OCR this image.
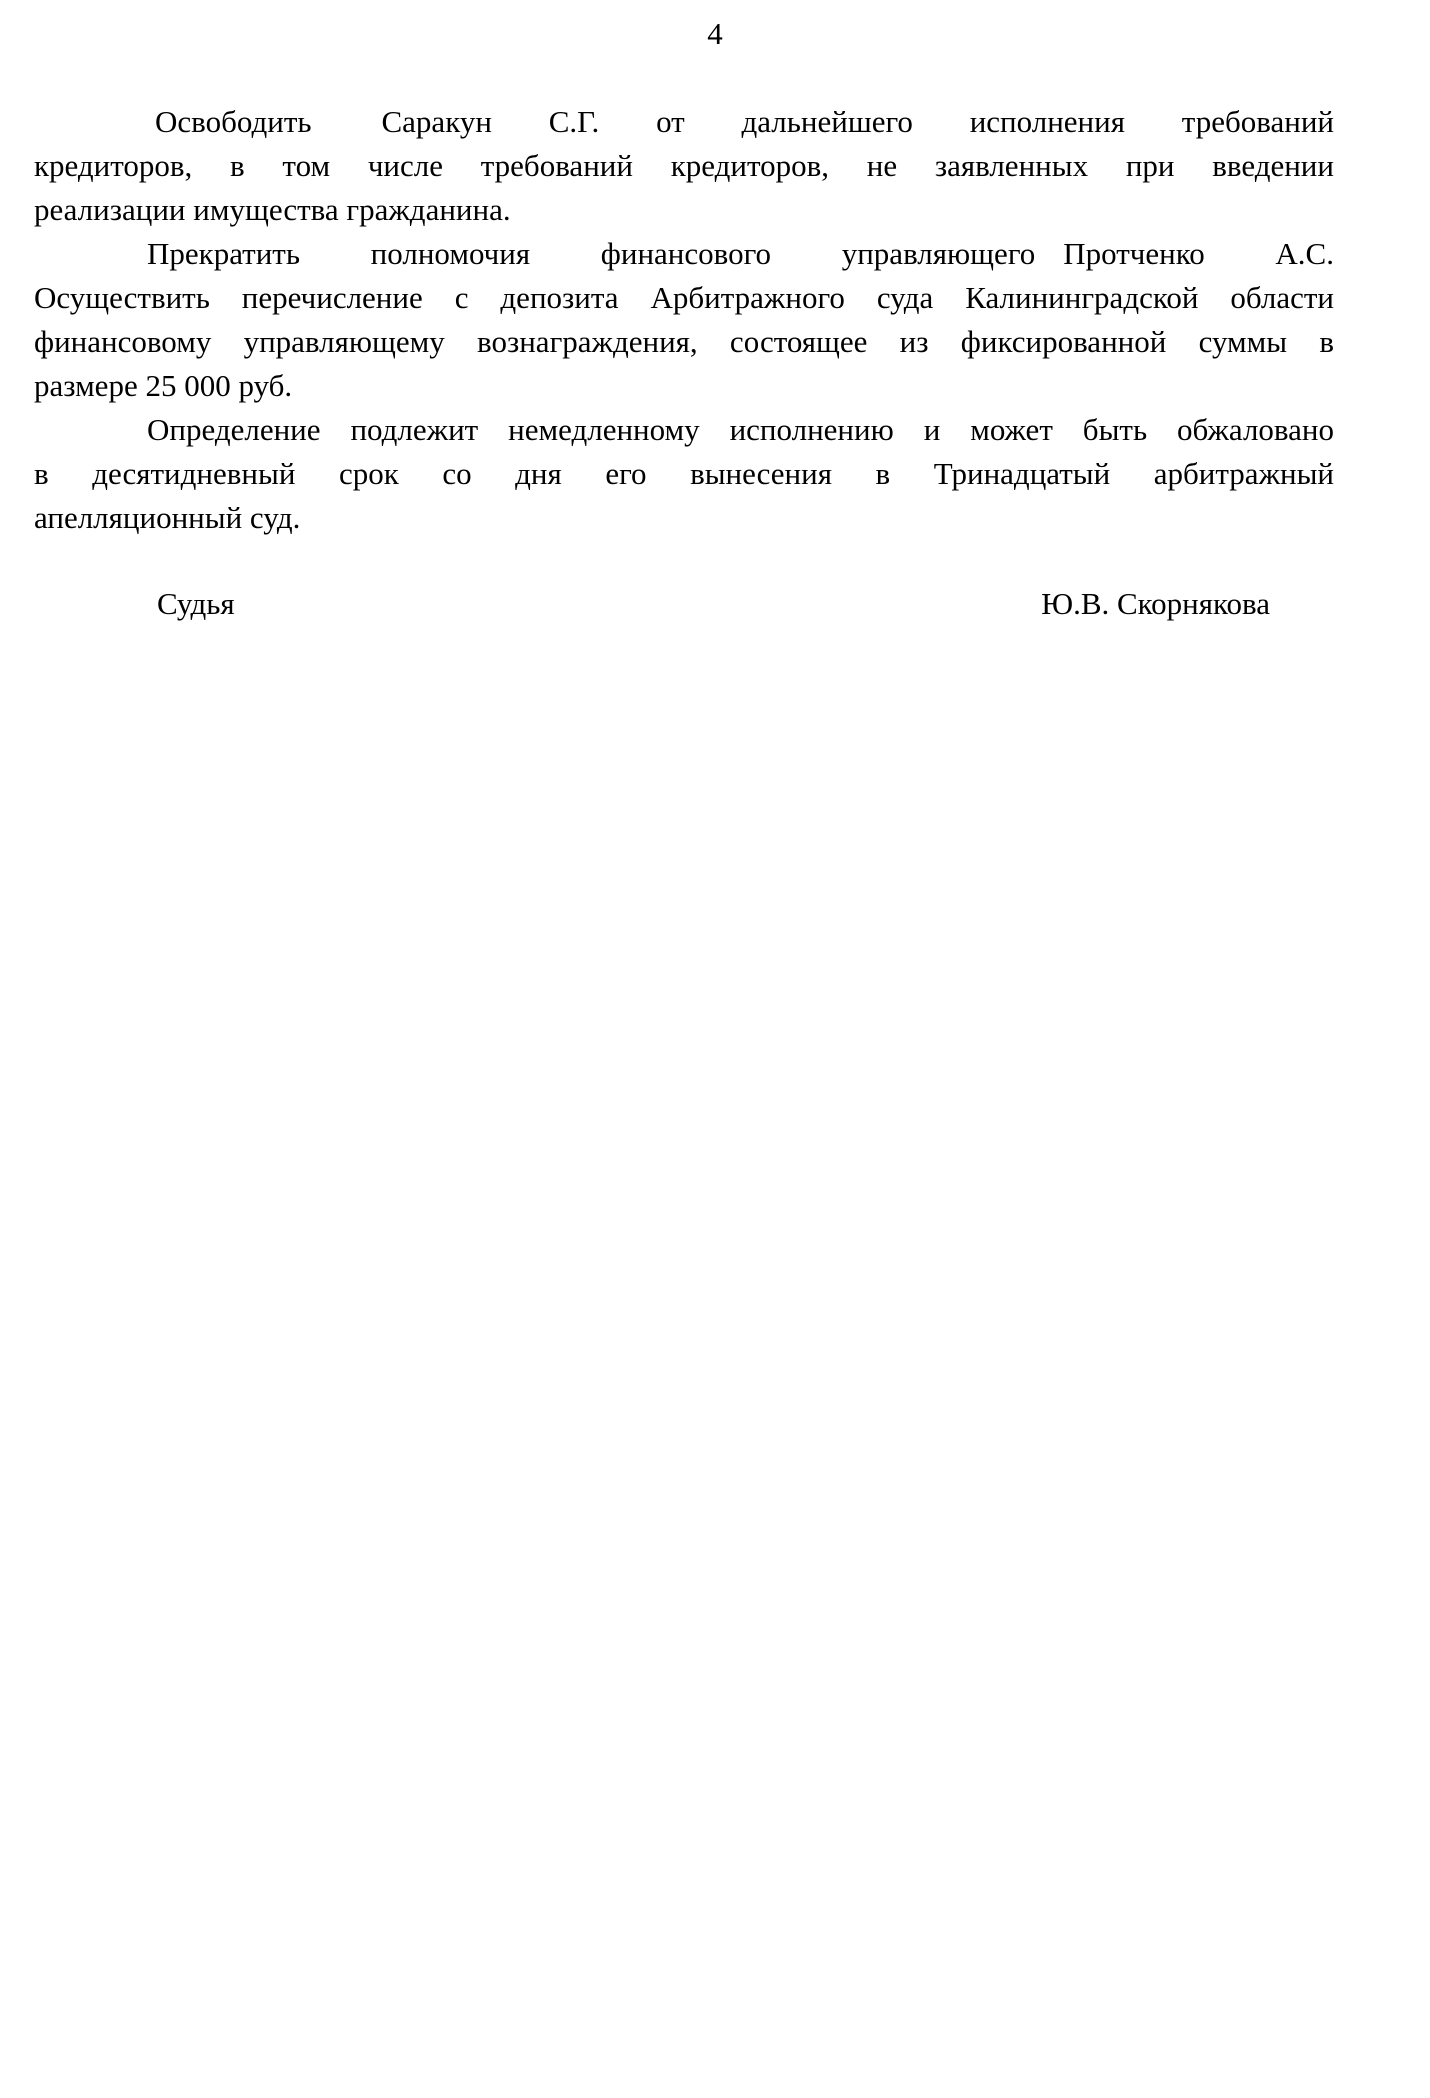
4
Освободить Саракун С.Г. от дальнейшего исполнения требований
кредиторов, в том числе требований кредиторов, не заявленных при введении
реализации имущества гражданина.
Прекратить полномочия финансового управляющего Протченко А.С.
Осуществить перечисление с депозита Арбитражного суда Калининградской области
финансовому управляющему вознаграждения, состоящее из фиксированной суммы в
размере 25 000 руб.
Определение подлежит немедленному исполнению и может быть обжаловано
в десятидневный срок со дня его вынесения в Тринадцатый арбитражный
апелляционный суд.
Судья	Ю.В. Скорнякова
